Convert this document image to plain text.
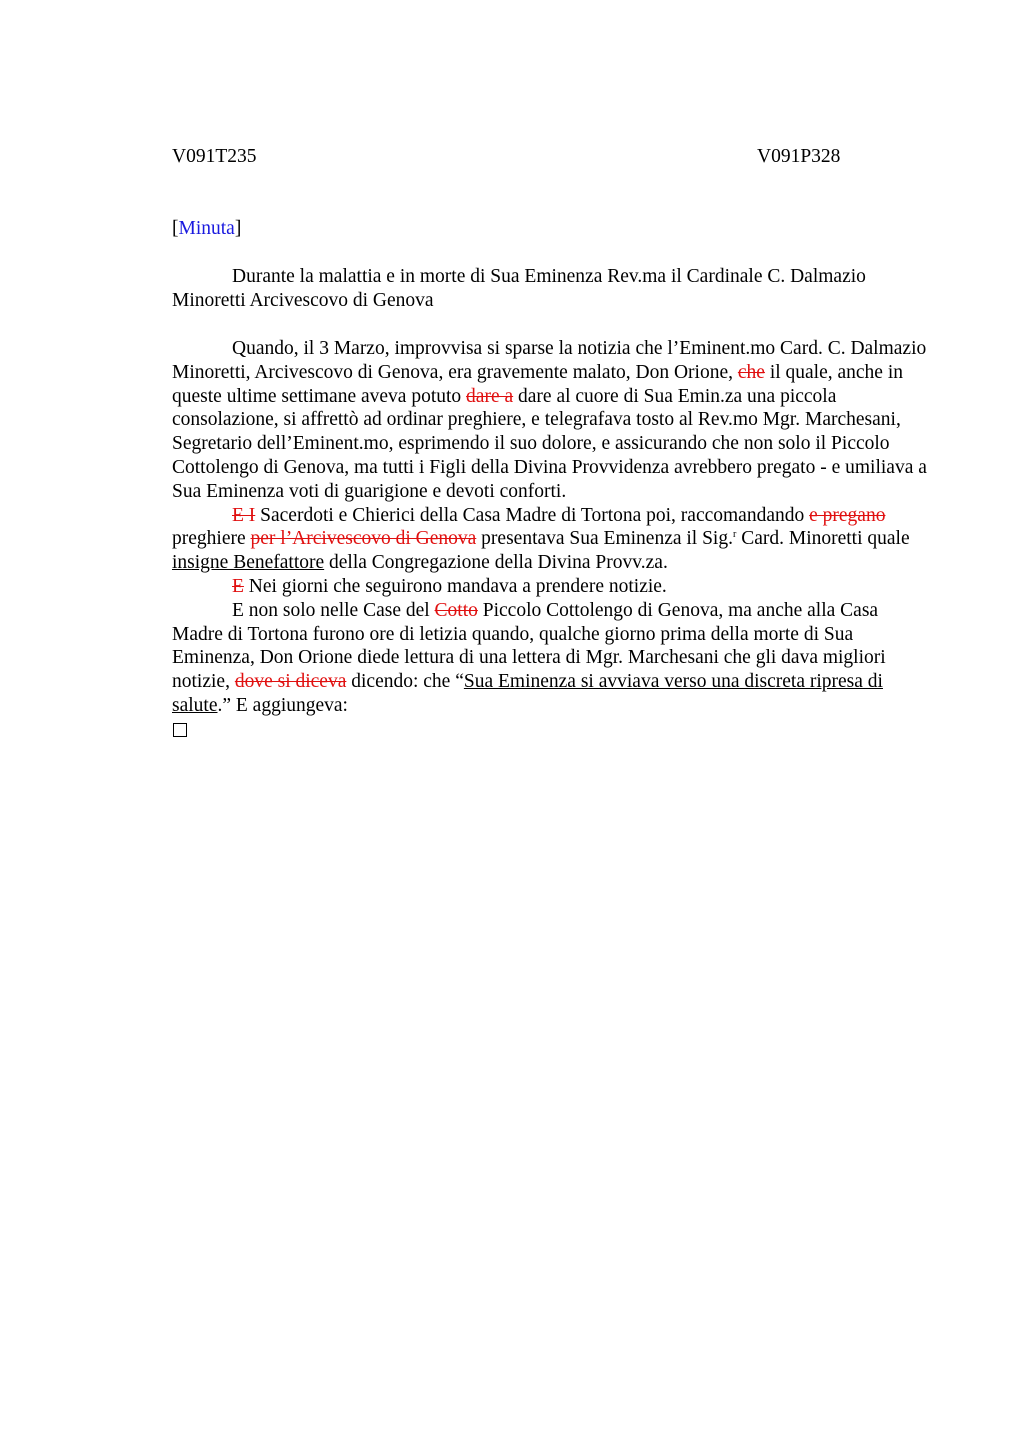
V091T235	V091P328
[Minuta]

Durante la malattia e in morte di Sua Eminenza Rev.ma il Cardinale C. Dalmazio Minoretti Arcivescovo di Genova

Quando, il 3 Marzo, improvvisa si sparse la notizia che l’Eminent.mo Card. C. Dalmazio Minoretti, Arcivescovo di Genova, era gravemente malato, Don Orione, che il quale, anche in queste ultime settimane aveva potuto dare a dare al cuore di Sua Emin.za una piccola consolazione, si affrettò ad ordinar preghiere, e telegrafava tosto al Rev.mo Mgr. Marchesani, Segretario dell’Eminent.mo, esprimendo il suo dolore, e assicurando che non solo il Piccolo Cottolengo di Genova, ma tutti i Figli della Divina Provvidenza avrebbero pregato - e umiliava a Sua Eminenza voti di guarigione e devoti conforti.

E I Sacerdoti e Chierici della Casa Madre di Tortona poi, raccomandando e pregano preghiere per l’Arcivescovo di Genova presentava Sua Eminenza il Sig.$^r$ Card. Minoretti quale insigne Benefattore della Congregazione della Divina Provv.za.

E Nei giorni che seguirono mandava a prendere notizie.

E non solo nelle Case del Cotto Piccolo Cottolengo di Genova, ma anche alla Casa Madre di Tortona furono ore di letizia quando, qualche giorno prima della morte di Sua Eminenza, Don Orione diede lettura di una lettera di Mgr. Marchesani che gli dava migliori notizie, dove si diceva dicendo: che “Sua Eminenza si avviava verso una discreta ripresa di salute.” E aggiungeva:
